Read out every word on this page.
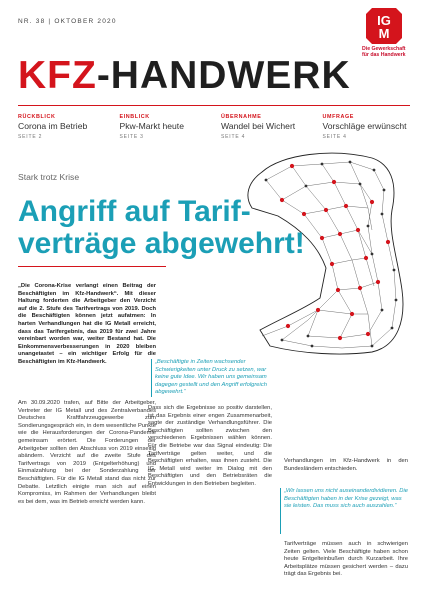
NR. 38 | OKTOBER 2020	IG
M
Die Gewerkschaft
für das Handwerk
KFZ-HANDWERK
RÜCKBLICK
Corona im Betrieb
SEITE 2
EINBLICK
Pkw-Markt heute
SEITE 3
ÜBERNAHME
Wandel bei Wichert
SEITE 4
UMFRAGE
Vorschläge erwünscht
SEITE 4
Stark trotz Krise
Angriff auf Tarif-
verträge abgewehrt!
„Die Corona-Krise verlangt einen Beitrag der Beschäftigten im Kfz-Handwerk“. Mit dieser Haltung forderten die Arbeitgeber den Verzicht auf die 2. Stufe des Tarifvertrags von 2019. Doch die Beschäftigten können jetzt aufatmen: In harten Verhandlungen hat die IG Metall erreicht, dass das Tarifergebnis, das 2019 für zwei Jahre vereinbart worden war, weiter Bestand hat. Die Einkommensverbesserungen in 2020 bleiben unangetastet – ein wichtiger Erfolg für die Beschäftigten im Kfz-Handwerk.
Am 30.09.2020 trafen, auf Bitte der Arbeitgeber, Vertreter der IG Metall und des Zentralverbandes Deutsches Kraftfahrzeuggewerbe zum Sondierungsgespräch ein, in dem wesentliche Punkte wie die Herausforderungen der Corona-Pandemie gemeinsam erörtert. Die Forderungen der Arbeitgeber sollten den Abschluss von 2019 einseitig abändern. Verzicht auf die zweite Stufe des Tarifvertrags von 2019 (Entgelterhöhung) und Einmalzahlung bei der Sonderzahlung der Beschäftigten. Für die IG Metall stand das nicht zur Debatte. Letztlich einigte man sich auf einen Kompromiss, im Rahmen der Verhandlungen bleibt es bei dem, was im Betrieb erreicht werden kann.
„Beschäftigte in Zeiten wachsender Schwierigkeiten unter Druck zu setzen, war keine gute Idee. Wir haben uns gemeinsam dagegen gestellt und den Angriff erfolgreich abgewehrt.“
Dass sich die Ergebnisse so positiv darstellen, ist das Ergebnis einer engen Zusammenarbeit, sagte der zuständige Verhandlungsführer. Die Beschäftigten sollten zwischen den verschiedenen Ergebnissen wählen können. Für die Betriebe war das Signal eindeutig: Die Tarifverträge gelten weiter, und die Beschäftigten erhalten, was ihnen zusteht. Die IG Metall wird weiter im Dialog mit den Beschäftigten und den Betriebsräten die Entwicklungen in den Betrieben begleiten.
Verhandlungen im Kfz-Handwerk in den Bundesländern entschieden.
„Wir lassen uns nicht auseinanderdividieren. Die Beschäftigten haben in der Krise gezeigt, was sie leisten. Das muss sich auch auszahlen.“
Tarifverträge müssen auch in schwierigen Zeiten gelten. Viele Beschäftigte haben schon heute Entgelteinbußen durch Kurzarbeit. Ihre Arbeitsplätze müssen gesichert werden – dazu trägt das Ergebnis bei.
